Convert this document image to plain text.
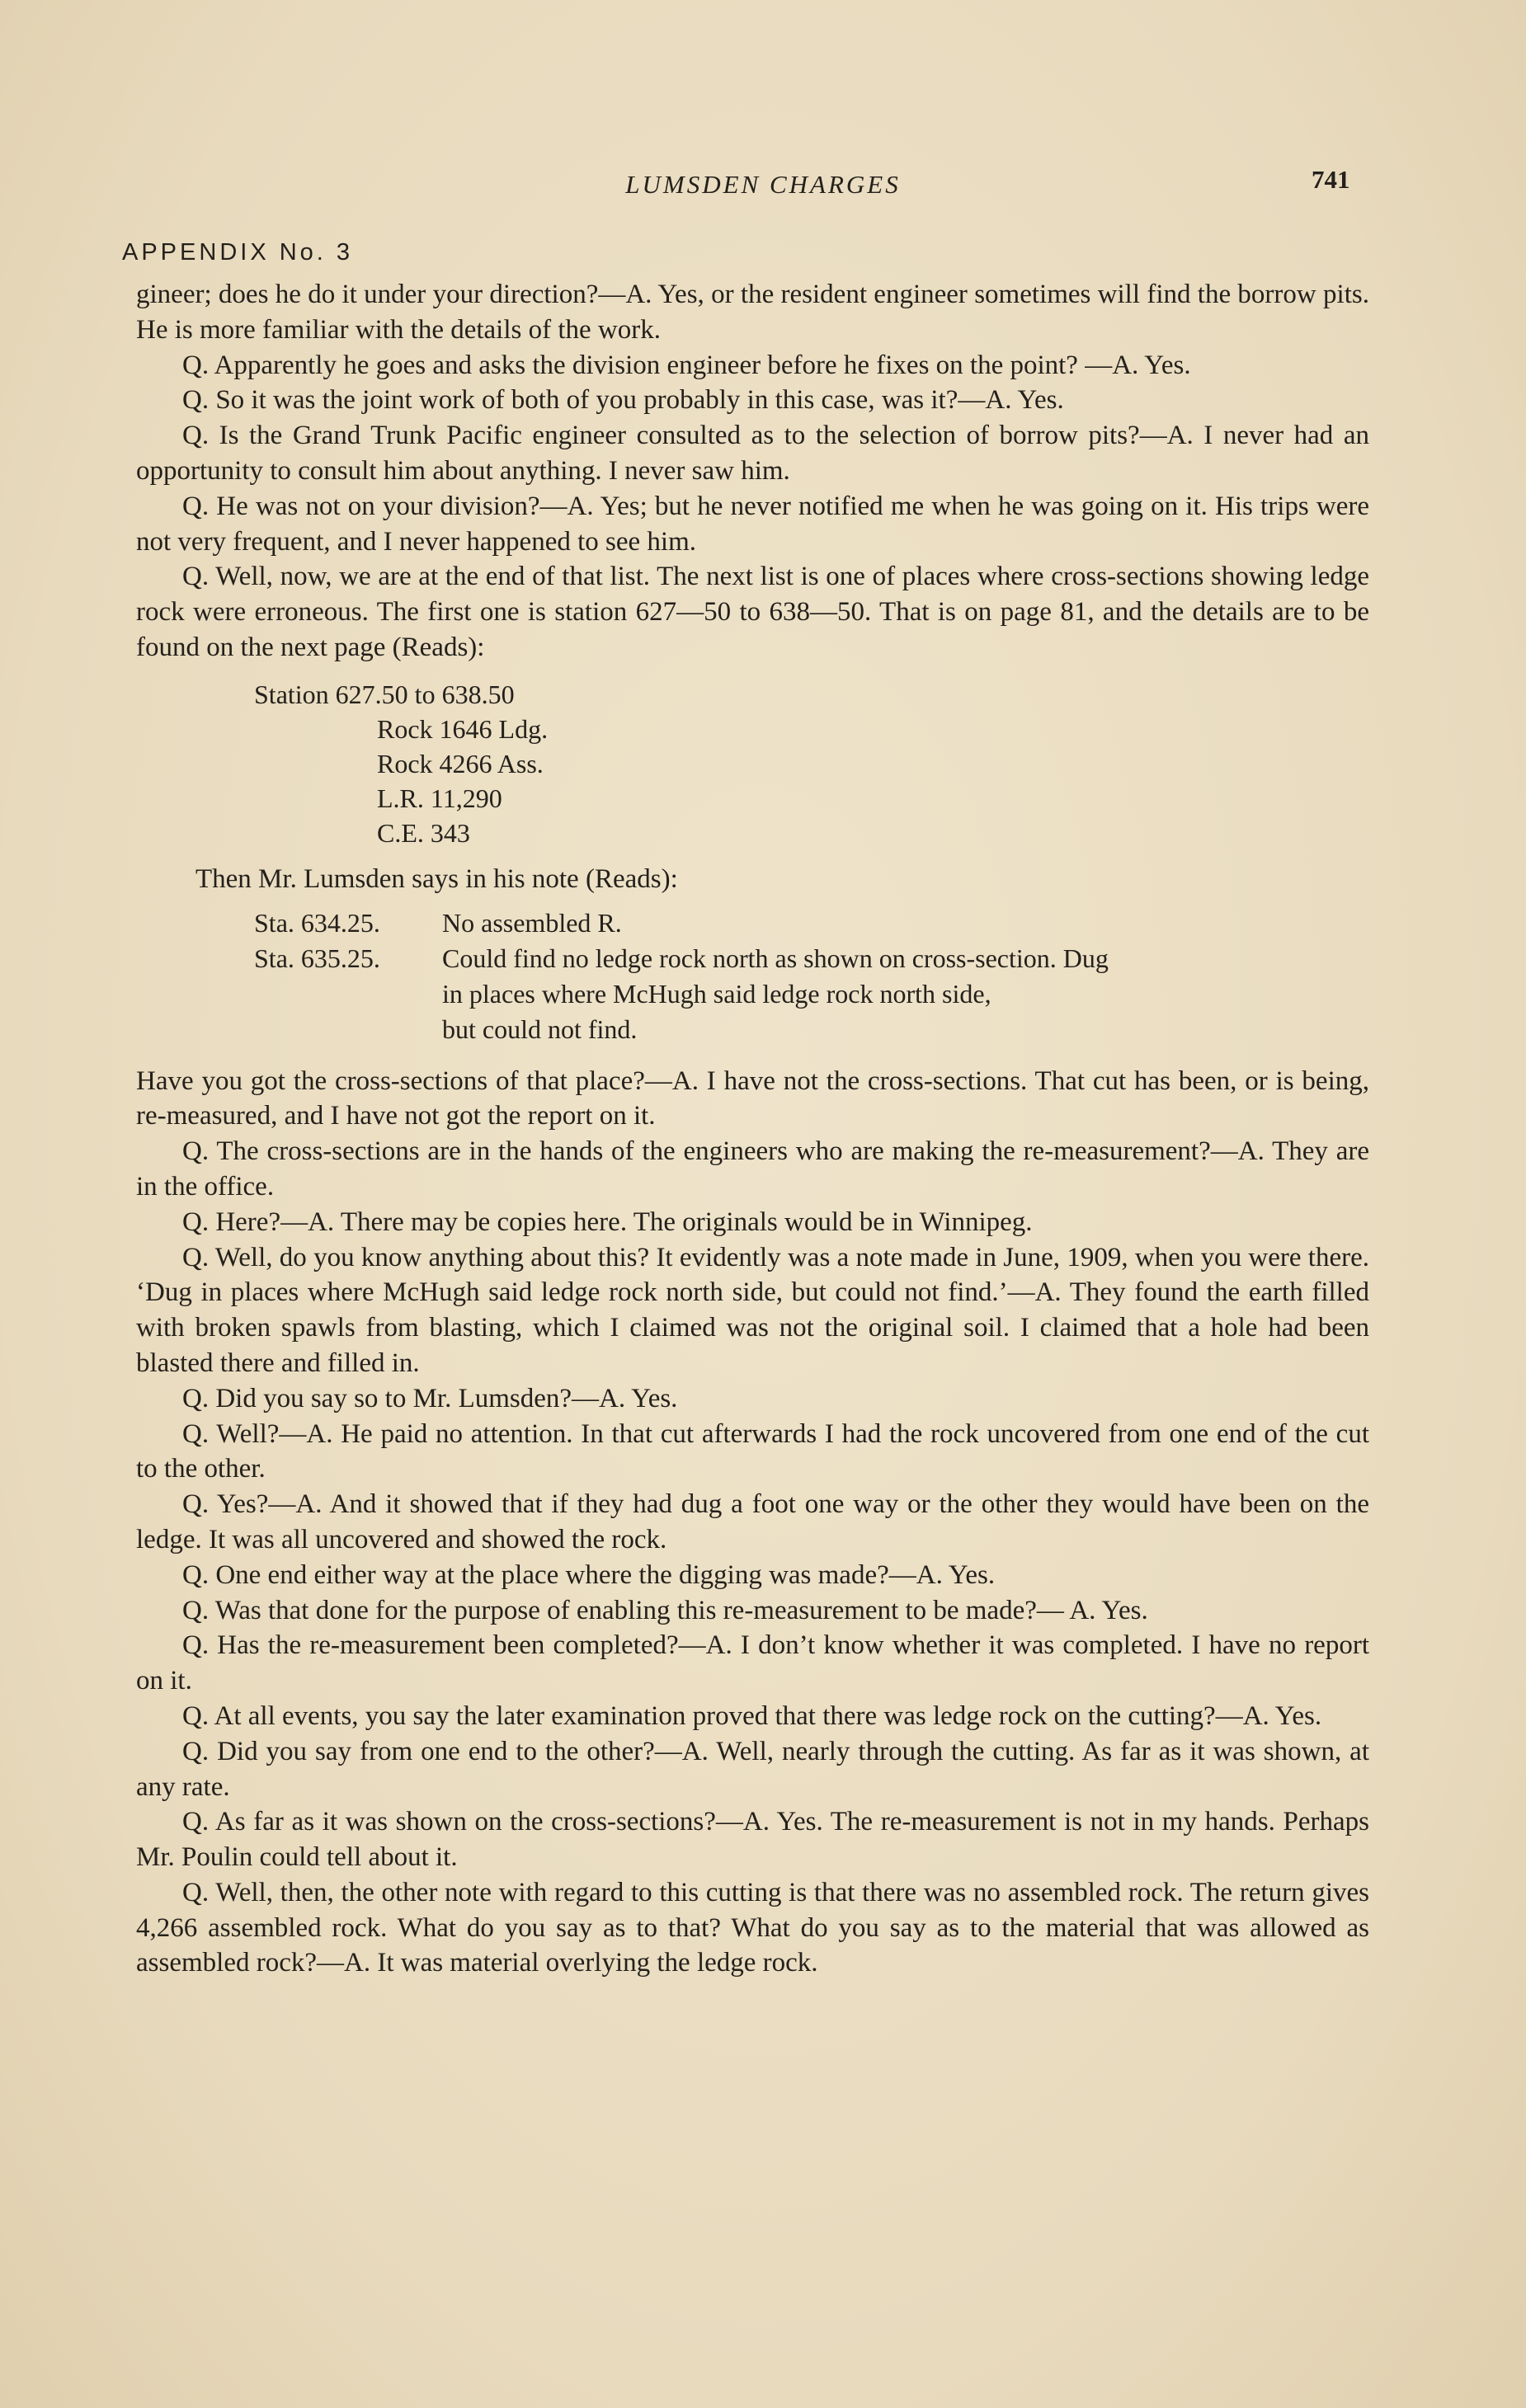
LUMSDEN CHARGES	741
APPENDIX No. 3

gineer; does he do it under your direction?—A. Yes, or the resident engineer sometimes will find the borrow pits. He is more familiar with the details of the work.

Q. Apparently he goes and asks the division engineer before he fixes on the point? —A. Yes.

Q. So it was the joint work of both of you probably in this case, was it?—A. Yes.

Q. Is the Grand Trunk Pacific engineer consulted as to the selection of borrow pits?—A. I never had an opportunity to consult him about anything. I never saw him.

Q. He was not on your division?—A. Yes; but he never notified me when he was going on it. His trips were not very frequent, and I never happened to see him.

Q. Well, now, we are at the end of that list. The next list is one of places where cross-sections showing ledge rock were erroneous. The first one is station 627—50 to 638—50. That is on page 81, and the details are to be found on the next page (Reads):

Station 627.50 to 638.50
Rock 1646 Ldg.
Rock 4266 Ass.
L.R. 11,290
C.E. 343
Then Mr. Lumsden says in his note (Reads):
Sta. 634.25.	No assembled R.
Sta. 635.25.	Could find no ledge rock north as shown on cross-section. Dug
in places where McHugh said ledge rock north side,
but could not find.

Have you got the cross-sections of that place?—A. I have not the cross-sections. That cut has been, or is being, re-measured, and I have not got the report on it.

Q. The cross-sections are in the hands of the engineers who are making the re-measurement?—A. They are in the office.

Q. Here?—A. There may be copies here. The originals would be in Winnipeg.

Q. Well, do you know anything about this? It evidently was a note made in June, 1909, when you were there. ‘Dug in places where McHugh said ledge rock north side, but could not find.’—A. They found the earth filled with broken spawls from blasting, which I claimed was not the original soil. I claimed that a hole had been blasted there and filled in.

Q. Did you say so to Mr. Lumsden?—A. Yes.

Q. Well?—A. He paid no attention. In that cut afterwards I had the rock uncovered from one end of the cut to the other.

Q. Yes?—A. And it showed that if they had dug a foot one way or the other they would have been on the ledge. It was all uncovered and showed the rock.

Q. One end either way at the place where the digging was made?—A. Yes.

Q. Was that done for the purpose of enabling this re-measurement to be made?— A. Yes.

Q. Has the re-measurement been completed?—A. I don’t know whether it was completed. I have no report on it.

Q. At all events, you say the later examination proved that there was ledge rock on the cutting?—A. Yes.

Q. Did you say from one end to the other?—A. Well, nearly through the cutting. As far as it was shown, at any rate.

Q. As far as it was shown on the cross-sections?—A. Yes. The re-measurement is not in my hands. Perhaps Mr. Poulin could tell about it.

Q. Well, then, the other note with regard to this cutting is that there was no assembled rock. The return gives 4,266 assembled rock. What do you say as to that? What do you say as to the material that was allowed as assembled rock?—A. It was material overlying the ledge rock.
